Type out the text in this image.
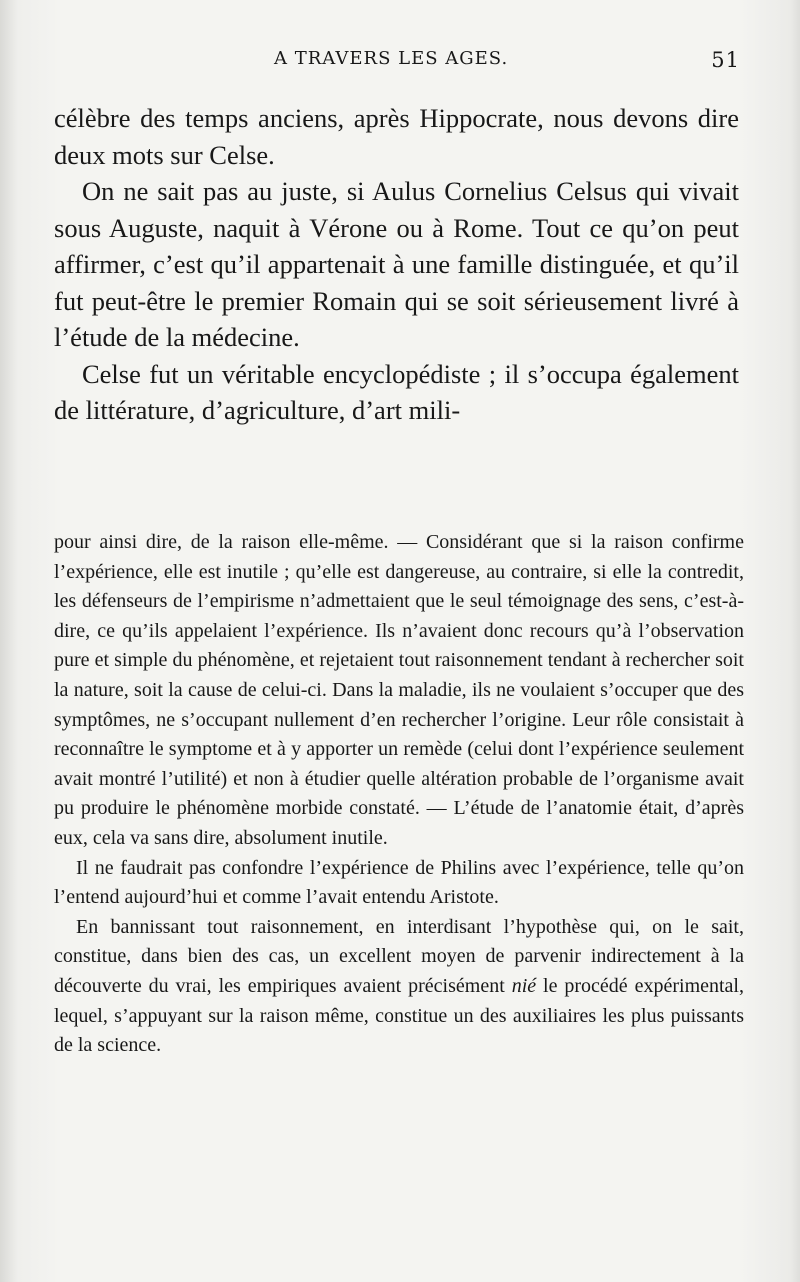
A TRAVERS LES AGES.	51

célèbre des temps anciens, après Hippocrate, nous devons dire deux mots sur Celse.

On ne sait pas au juste, si Aulus Cornelius Celsus qui vivait sous Auguste, naquit à Vérone ou à Rome. Tout ce qu’on peut affirmer, c’est qu’il appartenait à une famille distinguée, et qu’il fut peut-être le premier Romain qui se soit sérieusement livré à l’étude de la médecine.

Celse fut un véritable encyclopédiste ; il s’occupa également de littérature, d’agriculture, d’art mili-

pour ainsi dire, de la raison elle-même. — Considérant que si la raison confirme l’expérience, elle est inutile ; qu’elle est dangereuse, au contraire, si elle la contredit, les défenseurs de l’empirisme n’admettaient que le seul témoignage des sens, c’est-à-dire, ce qu’ils appelaient l’expérience. Ils n’avaient donc recours qu’à l’observation pure et simple du phénomène, et rejetaient tout raisonnement tendant à rechercher soit la nature, soit la cause de celui-ci. Dans la maladie, ils ne voulaient s’occuper que des symptômes, ne s’occupant nullement d’en rechercher l’origine. Leur rôle consistait à reconnaître le symptome et à y apporter un remède (celui dont l’expérience seulement avait montré l’utilité) et non à étudier quelle altération probable de l’organisme avait pu produire le phénomène morbide constaté. — L’étude de l’anatomie était, d’après eux, cela va sans dire, absolument inutile.

Il ne faudrait pas confondre l’expérience de Philins avec l’expérience, telle qu’on l’entend aujourd’hui et comme l’avait entendu Aristote.

En bannissant tout raisonnement, en interdisant l’hypothèse qui, on le sait, constitue, dans bien des cas, un excellent moyen de parvenir indirectement à la découverte du vrai, les empiriques avaient précisément nié le procédé expérimental, lequel, s’appuyant sur la raison même, constitue un des auxiliaires les plus puissants de la science.
